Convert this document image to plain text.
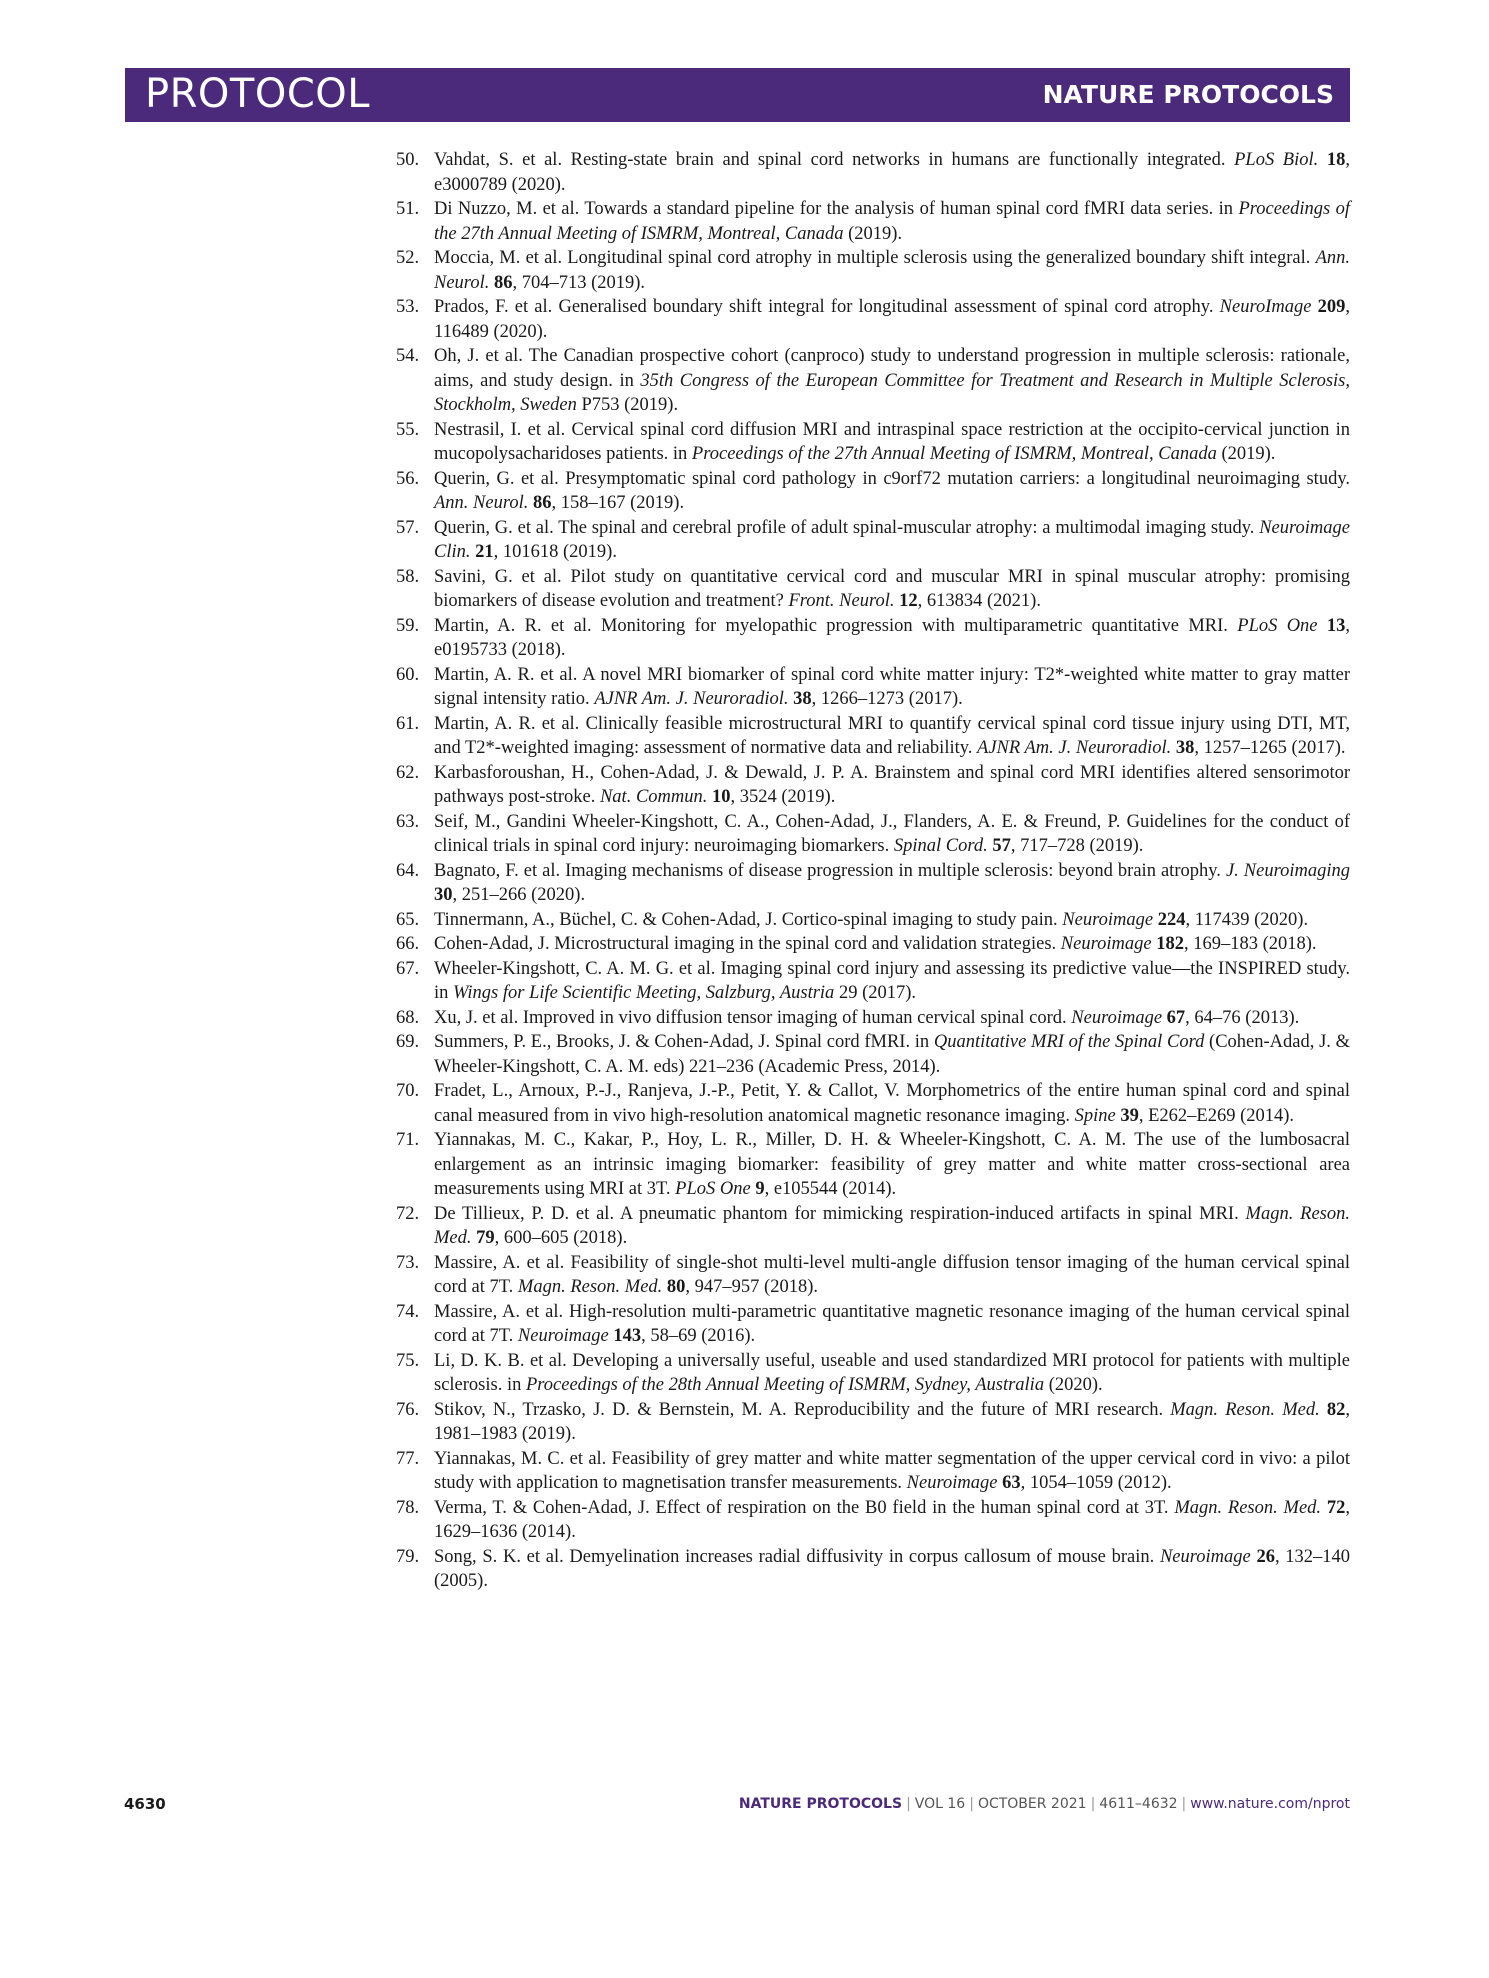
PROTOCOL	NATURE PROTOCOLS
50. Vahdat, S. et al. Resting-state brain and spinal cord networks in humans are functionally integrated. PLoS Biol. 18, e3000789 (2020).
51. Di Nuzzo, M. et al. Towards a standard pipeline for the analysis of human spinal cord fMRI data series. in Proceedings of the 27th Annual Meeting of ISMRM, Montreal, Canada (2019).
52. Moccia, M. et al. Longitudinal spinal cord atrophy in multiple sclerosis using the generalized boundary shift integral. Ann. Neurol. 86, 704–713 (2019).
53. Prados, F. et al. Generalised boundary shift integral for longitudinal assessment of spinal cord atrophy. NeuroImage 209, 116489 (2020).
54. Oh, J. et al. The Canadian prospective cohort (canproco) study to understand progression in multiple sclerosis: rationale, aims, and study design. in 35th Congress of the European Committee for Treatment and Research in Multiple Sclerosis, Stockholm, Sweden P753 (2019).
55. Nestrasil, I. et al. Cervical spinal cord diffusion MRI and intraspinal space restriction at the occipito-cervical junction in mucopolysacharidoses patients. in Proceedings of the 27th Annual Meeting of ISMRM, Montreal, Canada (2019).
56. Querin, G. et al. Presymptomatic spinal cord pathology in c9orf72 mutation carriers: a longitudinal neuroimaging study. Ann. Neurol. 86, 158–167 (2019).
57. Querin, G. et al. The spinal and cerebral profile of adult spinal-muscular atrophy: a multimodal imaging study. Neuroimage Clin. 21, 101618 (2019).
58. Savini, G. et al. Pilot study on quantitative cervical cord and muscular MRI in spinal muscular atrophy: promising biomarkers of disease evolution and treatment? Front. Neurol. 12, 613834 (2021).
59. Martin, A. R. et al. Monitoring for myelopathic progression with multiparametric quantitative MRI. PLoS One 13, e0195733 (2018).
60. Martin, A. R. et al. A novel MRI biomarker of spinal cord white matter injury: T2*-weighted white matter to gray matter signal intensity ratio. AJNR Am. J. Neuroradiol. 38, 1266–1273 (2017).
61. Martin, A. R. et al. Clinically feasible microstructural MRI to quantify cervical spinal cord tissue injury using DTI, MT, and T2*-weighted imaging: assessment of normative data and reliability. AJNR Am. J. Neuroradiol. 38, 1257–1265 (2017).
62. Karbasforoushan, H., Cohen-Adad, J. & Dewald, J. P. A. Brainstem and spinal cord MRI identifies altered sensorimotor pathways post-stroke. Nat. Commun. 10, 3524 (2019).
63. Seif, M., Gandini Wheeler-Kingshott, C. A., Cohen-Adad, J., Flanders, A. E. & Freund, P. Guidelines for the conduct of clinical trials in spinal cord injury: neuroimaging biomarkers. Spinal Cord. 57, 717–728 (2019).
64. Bagnato, F. et al. Imaging mechanisms of disease progression in multiple sclerosis: beyond brain atrophy. J. Neuroimaging 30, 251–266 (2020).
65. Tinnermann, A., Büchel, C. & Cohen-Adad, J. Cortico-spinal imaging to study pain. Neuroimage 224, 117439 (2020).
66. Cohen-Adad, J. Microstructural imaging in the spinal cord and validation strategies. Neuroimage 182, 169–183 (2018).
67. Wheeler-Kingshott, C. A. M. G. et al. Imaging spinal cord injury and assessing its predictive value—the INSPIRED study. in Wings for Life Scientific Meeting, Salzburg, Austria 29 (2017).
68. Xu, J. et al. Improved in vivo diffusion tensor imaging of human cervical spinal cord. Neuroimage 67, 64–76 (2013).
69. Summers, P. E., Brooks, J. & Cohen-Adad, J. Spinal cord fMRI. in Quantitative MRI of the Spinal Cord (Cohen-Adad, J. & Wheeler-Kingshott, C. A. M. eds) 221–236 (Academic Press, 2014).
70. Fradet, L., Arnoux, P.-J., Ranjeva, J.-P., Petit, Y. & Callot, V. Morphometrics of the entire human spinal cord and spinal canal measured from in vivo high-resolution anatomical magnetic resonance imaging. Spine 39, E262–E269 (2014).
71. Yiannakas, M. C., Kakar, P., Hoy, L. R., Miller, D. H. & Wheeler-Kingshott, C. A. M. The use of the lumbosacral enlargement as an intrinsic imaging biomarker: feasibility of grey matter and white matter cross-sectional area measurements using MRI at 3T. PLoS One 9, e105544 (2014).
72. De Tillieux, P. D. et al. A pneumatic phantom for mimicking respiration-induced artifacts in spinal MRI. Magn. Reson. Med. 79, 600–605 (2018).
73. Massire, A. et al. Feasibility of single-shot multi-level multi-angle diffusion tensor imaging of the human cervical spinal cord at 7T. Magn. Reson. Med. 80, 947–957 (2018).
74. Massire, A. et al. High-resolution multi-parametric quantitative magnetic resonance imaging of the human cervical spinal cord at 7T. Neuroimage 143, 58–69 (2016).
75. Li, D. K. B. et al. Developing a universally useful, useable and used standardized MRI protocol for patients with multiple sclerosis. in Proceedings of the 28th Annual Meeting of ISMRM, Sydney, Australia (2020).
76. Stikov, N., Trzasko, J. D. & Bernstein, M. A. Reproducibility and the future of MRI research. Magn. Reson. Med. 82, 1981–1983 (2019).
77. Yiannakas, M. C. et al. Feasibility of grey matter and white matter segmentation of the upper cervical cord in vivo: a pilot study with application to magnetisation transfer measurements. Neuroimage 63, 1054–1059 (2012).
78. Verma, T. & Cohen-Adad, J. Effect of respiration on the B0 field in the human spinal cord at 3T. Magn. Reson. Med. 72, 1629–1636 (2014).
79. Song, S. K. et al. Demyelination increases radial diffusivity in corpus callosum of mouse brain. Neuroimage 26, 132–140 (2005).
4630	NATURE PROTOCOLS | VOL 16 | OCTOBER 2021 | 4611–4632 | www.nature.com/nprot
